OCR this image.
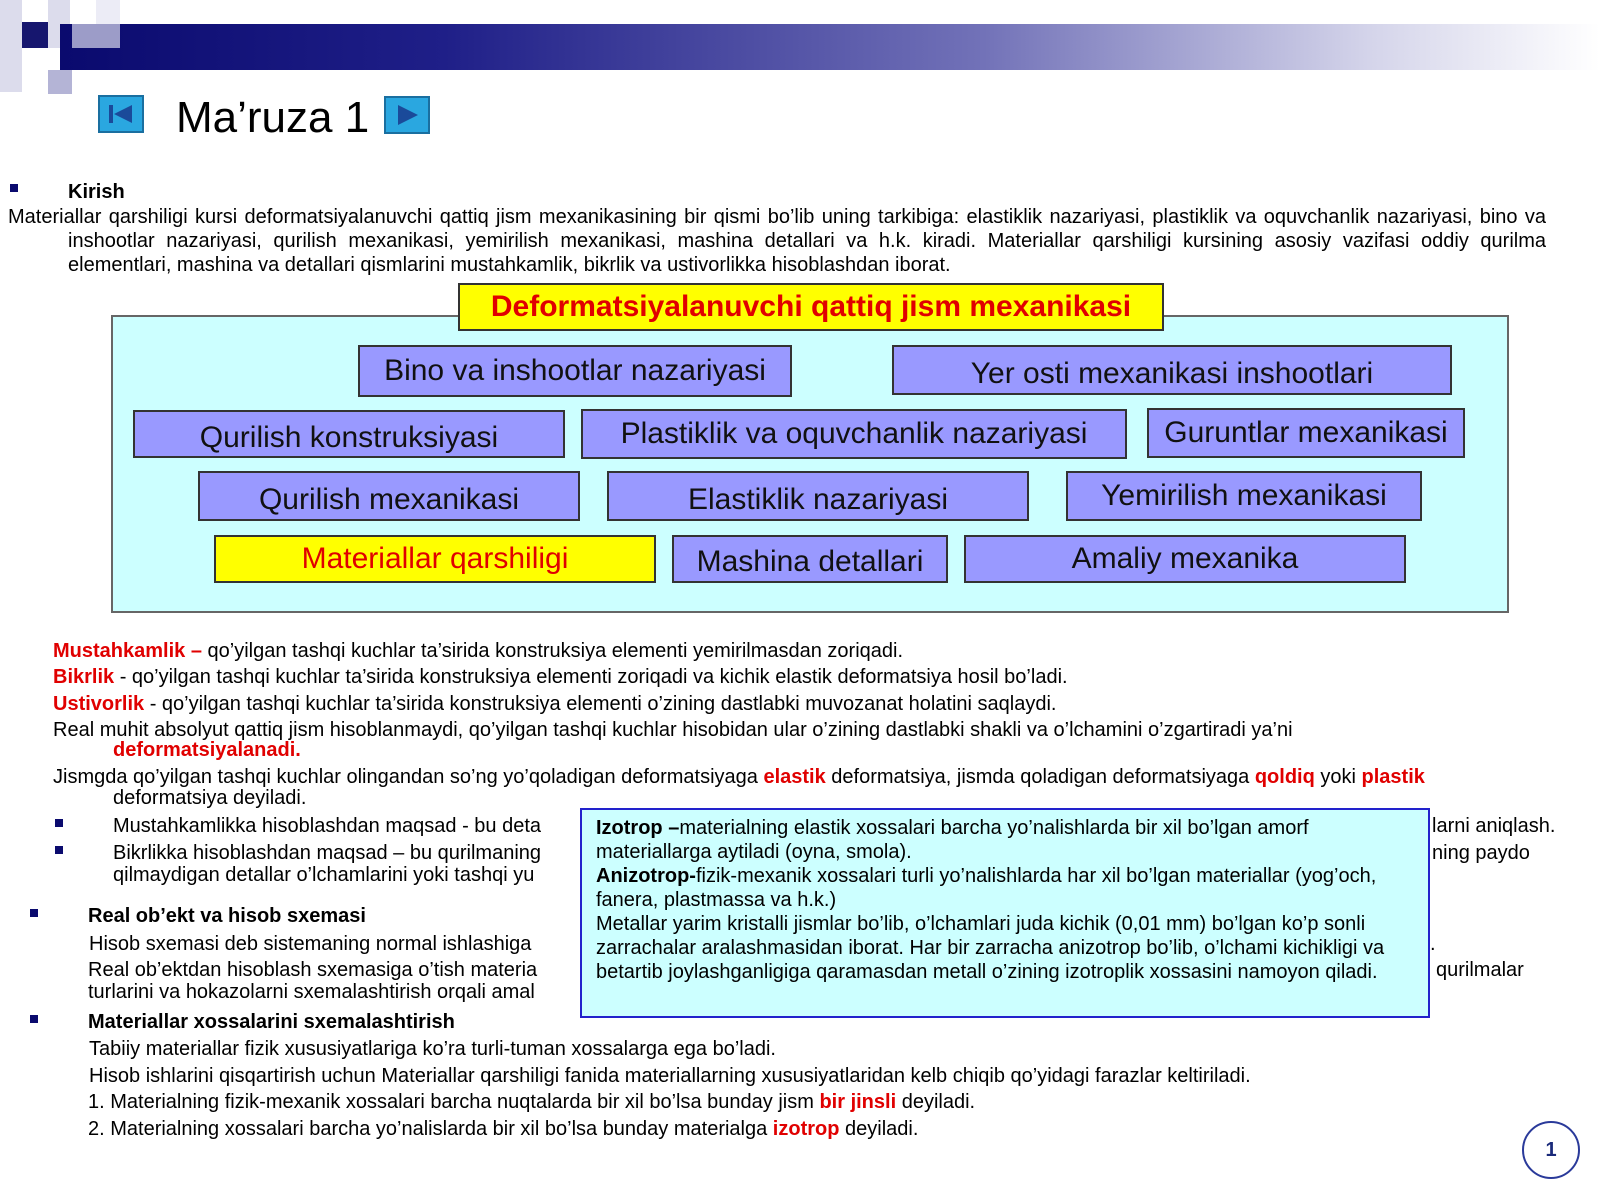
Ma’ruza 1
Kirish
Materiallar qarshiligi kursi deformatsiyalanuvchi qattiq jism mexanikasining bir qismi bo’lib uning tarkibiga: elastiklik nazariyasi, plastiklik va oquvchanlik nazariyasi, bino va inshootlar nazariyasi, qurilish mexanikasi, yemirilish mexanikasi, mashina detallari va h.k. kiradi. Materiallar qarshiligi kursining asosiy vazifasi oddiy qurilma elementlari, mashina va detallari qismlarini mustahkamlik, bikrlik va ustivorlikka hisoblashdan iborat.
Deformatsiyalanuvchi qattiq jism mexanikasi
Bino va inshootlar nazariyasi	Yer osti mexanikasi inshootlari
Qurilish konstruksiyasi	Plastiklik va oquvchanlik nazariyasi	Guruntlar mexanikasi
Qurilish mexanikasi	Elastiklik nazariyasi	Yemirilish mexanikasi
Materiallar qarshiligi	Mashina detallari	Amaliy mexanika
Mustahkamlik – qo’yilgan tashqi kuchlar ta’sirida konstruksiya elementi yemirilmasdan zoriqadi.
Bikrlik - qo’yilgan tashqi kuchlar ta’sirida konstruksiya elementi zoriqadi va kichik elastik deformatsiya hosil bo’ladi.
Ustivorlik - qo’yilgan tashqi kuchlar ta’sirida konstruksiya elementi o’zining dastlabki muvozanat holatini saqlaydi.
Real muhit absolyut qattiq jism hisoblanmaydi, qo’yilgan tashqi kuchlar hisobidan ular o’zining dastlabki shakli va o’lchamini o’zgartiradi ya’ni
deformatsiyalanadi.
Jismgda qo’yilgan tashqi kuchlar olingandan so’ng yo’qoladigan deformatsiyaga elastik deformatsiya, jismda qoladigan deformatsiyaga qoldiq yoki plastik
deformatsiya deyiladi.
Mustahkamlikka hisoblashdan maqsad - bu deta	larni aniqlash.
Bikrlikka hisoblashdan maqsad – bu qurilmaning	ning paydo
qilmaydigan detallar o’lchamlarini yoki tashqi yu
Real ob’ekt va hisob sxemasi
Hisob sxemasi deb sistemaning normal ishlashiga	.
Real ob’ektdan hisoblash sxemasiga o’tish materia	qurilmalar
turlarini va hokazolarni sxemalashtirish orqali amal
Izotrop –materialning elastik xossalari barcha yo’nalishlarda bir xil bo’lgan amorf materiallarga aytiladi (oyna, smola).
Anizotrop-fizik-mexanik xossalari turli yo’nalishlarda har xil bo’lgan materiallar (yog’och, fanera, plastmassa va h.k.)
Metallar yarim kristalli jismlar bo’lib, o’lchamlari juda kichik (0,01 mm) bo’lgan ko’p sonli zarrachalar aralashmasidan iborat. Har bir zarracha anizotrop bo’lib, o’lchami kichikligi va betartib joylashganligiga qaramasdan metall o’zining izotroplik xossasini namoyon qiladi.
Materiallar xossalarini sxemalashtirish
Tabiiy materiallar fizik xususiyatlariga ko’ra turli-tuman xossalarga ega bo’ladi.
Hisob ishlarini qisqartirish uchun Materiallar qarshiligi fanida materiallarning xususiyatlaridan kelb chiqib qo’yidagi farazlar keltiriladi.
1. Materialning fizik-mexanik xossalari barcha nuqtalarda bir xil bo’lsa bunday jism bir jinsli deyiladi.
2. Materialning xossalari barcha yo’nalislarda bir xil bo’lsa bunday materialga izotrop deyiladi.
1
